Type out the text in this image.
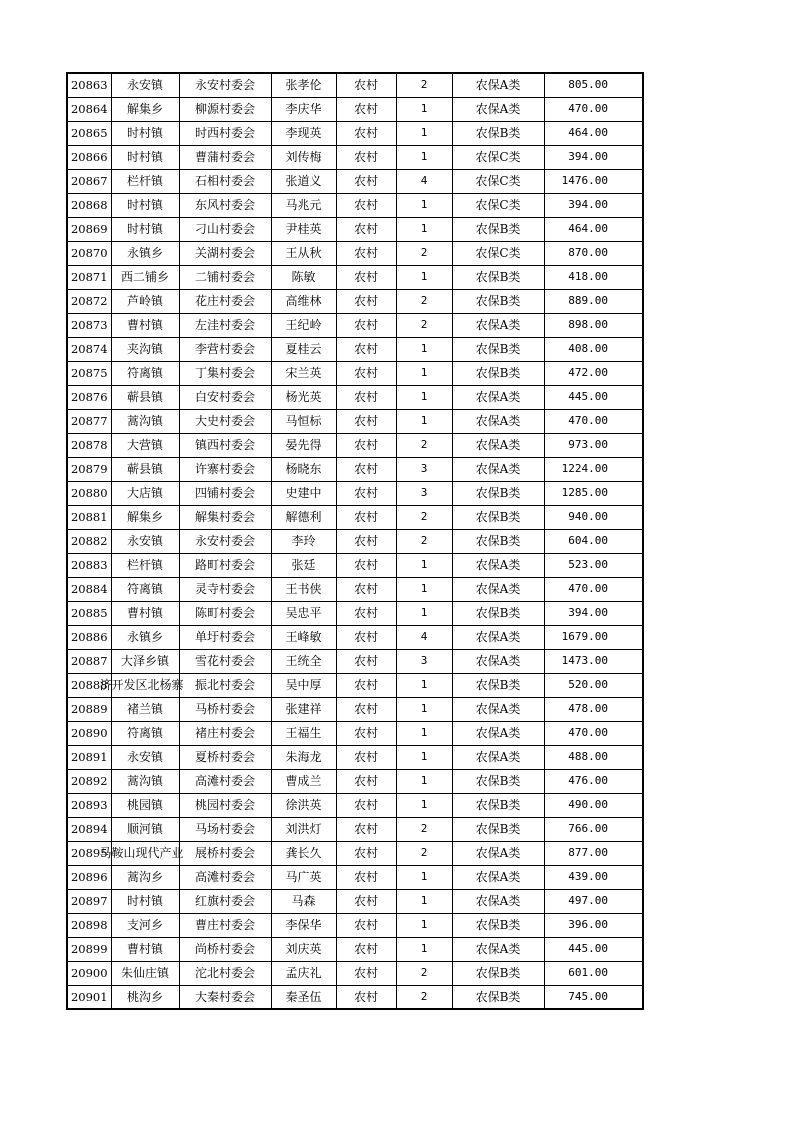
20863	永安镇	永安村委会	张孝伦	农村	2	农保A类	805.00
20864	解集乡	柳源村委会	李庆华	农村	1	农保A类	470.00
20865	时村镇	时西村委会	李现英	农村	1	农保B类	464.00
20866	时村镇	曹蒲村委会	刘传梅	农村	1	农保C类	394.00
20867	栏杆镇	石相村委会	张道义	农村	4	农保C类	1476.00
20868	时村镇	东风村委会	马兆元	农村	1	农保C类	394.00
20869	时村镇	刁山村委会	尹桂英	农村	1	农保B类	464.00
20870	永镇乡	关湖村委会	王从秋	农村	2	农保C类	870.00
20871	西二铺乡	二铺村委会	陈敏	农村	1	农保B类	418.00
20872	芦岭镇	花庄村委会	高维林	农村	2	农保B类	889.00
20873	曹村镇	左洼村委会	王纪岭	农村	2	农保A类	898.00
20874	夹沟镇	李营村委会	夏桂云	农村	1	农保B类	408.00
20875	符离镇	丁集村委会	宋兰英	农村	1	农保B类	472.00
20876	蕲县镇	白安村委会	杨光英	农村	1	农保A类	445.00
20877	蒿沟镇	大史村委会	马恒标	农村	1	农保A类	470.00
20878	大营镇	镇西村委会	晏先得	农村	2	农保A类	973.00
20879	蕲县镇	许寨村委会	杨晓东	农村	3	农保A类	1224.00
20880	大店镇	四铺村委会	史建中	农村	3	农保B类	1285.00
20881	解集乡	解集村委会	解德利	农村	2	农保B类	940.00
20882	永安镇	永安村委会	李玲	农村	2	农保B类	604.00
20883	栏杆镇	路町村委会	张廷	农村	1	农保A类	523.00
20884	符离镇	灵寺村委会	王书侠	农村	1	农保A类	470.00
20885	曹村镇	陈町村委会	吴忠平	农村	1	农保B类	394.00
20886	永镇乡	单圩村委会	王峰敏	农村	4	农保A类	1679.00
20887	大泽乡镇	雪花村委会	王统全	农村	3	农保A类	1473.00
20888	济开发区北杨寨	振北村委会	吴中厚	农村	1	农保B类	520.00
20889	褚兰镇	马桥村委会	张建祥	农村	1	农保A类	478.00
20890	符离镇	褚庄村委会	王福生	农村	1	农保A类	470.00
20891	永安镇	夏桥村委会	朱海龙	农村	1	农保A类	488.00
20892	蒿沟镇	高滩村委会	曹成兰	农村	1	农保B类	476.00
20893	桃园镇	桃园村委会	徐洪英	农村	1	农保B类	490.00
20894	顺河镇	马场村委会	刘洪灯	农村	2	农保B类	766.00
20895	马鞍山现代产业	展桥村委会	龚长久	农村	2	农保A类	877.00
20896	蒿沟乡	高滩村委会	马广英	农村	1	农保A类	439.00
20897	时村镇	红旗村委会	马森	农村	1	农保A类	497.00
20898	支河乡	曹庄村委会	李保华	农村	1	农保B类	396.00
20899	曹村镇	尚桥村委会	刘庆英	农村	1	农保A类	445.00
20900	朱仙庄镇	沱北村委会	孟庆礼	农村	2	农保B类	601.00
20901	桃沟乡	大秦村委会	秦圣伍	农村	2	农保B类	745.00
